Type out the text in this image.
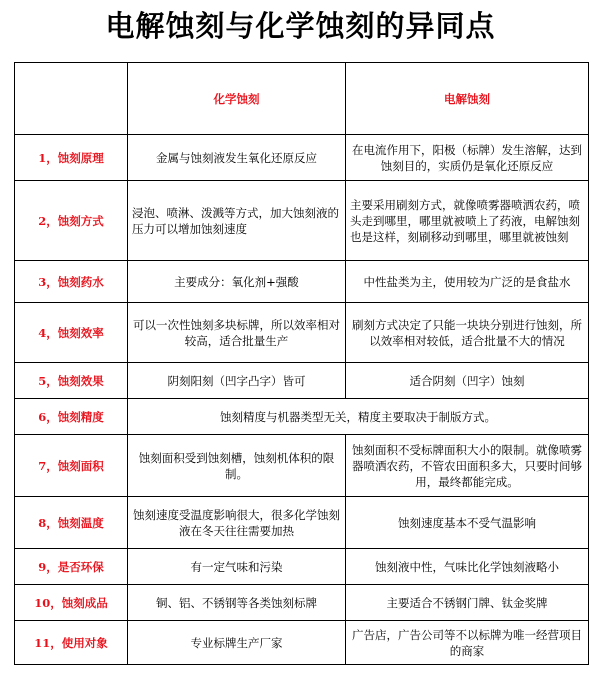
电解蚀刻与化学蚀刻的异同点
	化学蚀刻	电解蚀刻
1，蚀刻原理	金属与蚀刻液发生氧化还原反应	在电流作用下，阳极（标牌）发生溶解，达到蚀刻目的，实质仍是氧化还原反应
2，蚀刻方式	浸泡、喷淋、泼溅等方式，加大蚀刻液的压力可以增加蚀刻速度	主要采用刷刻方式，就像喷雾器喷洒农药，喷头走到哪里，哪里就被喷上了药液，电解蚀刻也是这样，刻刷移动到哪里，哪里就被蚀刻
3，蚀刻药水	主要成分：氧化剂+强酸	中性盐类为主，使用较为广泛的是食盐水
4，蚀刻效率	可以一次性蚀刻多块标牌，所以效率相对较高，适合批量生产	刷刻方式决定了只能一块块分别进行蚀刻，所以效率相对较低，适合批量不大的情况
5，蚀刻效果	阴刻阳刻（凹字凸字）皆可	适合阴刻（凹字）蚀刻
6，蚀刻精度	蚀刻精度与机器类型无关，精度主要取决于制版方式。	
7，蚀刻面积	蚀刻面积受到蚀刻槽，蚀刻机体积的限制。	蚀刻面积不受标牌面积大小的限制。就像喷雾器喷洒农药，不管农田面积多大，只要时间够用，最终都能完成。
8，蚀刻温度	蚀刻速度受温度影响很大，很多化学蚀刻液在冬天往往需要加热	蚀刻速度基本不受气温影响
9，是否环保	有一定气味和污染	蚀刻液中性，气味比化学蚀刻液略小
10，蚀刻成品	铜、铝、不锈钢等各类蚀刻标牌	主要适合不锈钢门牌、钛金奖牌
11，使用对象	专业标牌生产厂家	广告店，广告公司等不以标牌为唯一经营项目的商家
